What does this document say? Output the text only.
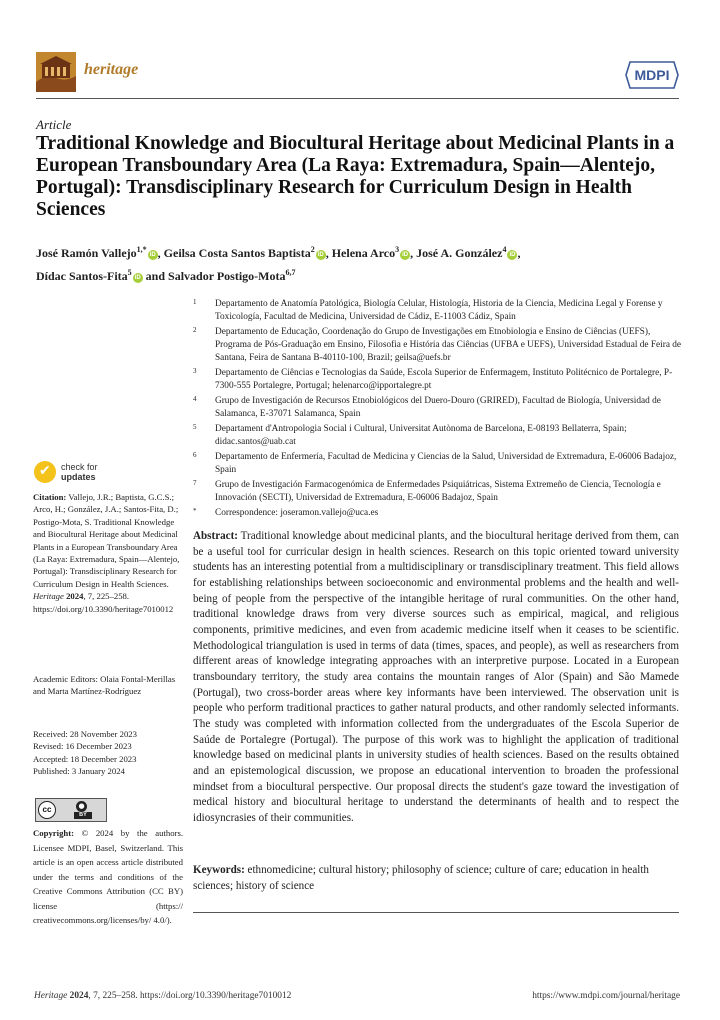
heritage	MDPI
Article
Traditional Knowledge and Biocultural Heritage about Medicinal Plants in a European Transboundary Area (La Raya: Extremadura, Spain—Alentejo, Portugal): Transdisciplinary Research for Curriculum Design in Health Sciences
José Ramón Vallejo$^{1,*}$iD , Geilsa Costa Santos Baptista$^2$iD , Helena Arco$^3$iD , José A. González$^4$iD ,
Dídac Santos-Fita$^5$iD and Salvador Postigo-Mota$^{6,7}$
1 Departamento de Anatomía Patológica, Biología Celular, Histología, Historia de la Ciencia, Medicina Legal y Forense y Toxicología, Facultad de Medicina, Universidad de Cádiz, E-11003 Cádiz, Spain
2 Departamento de Educação, Coordenação do Grupo de Investigações em Etnobiologia e Ensino de Ciências (UEFS), Programa de Pós-Graduação em Ensino, Filosofia e História das Ciências (UFBA e UEFS), Universidad Estadual de Feira de Santana, Feira de Santana B-40110-100, Brazil; geilsa@uefs.br
3 Departamento de Ciências e Tecnologias da Saúde, Escola Superior de Enfermagem, Instituto Politécnico de Portalegre, P-7300-555 Portalegre, Portugal; helenarco@ipportalegre.pt
4 Grupo de Investigación de Recursos Etnobiológicos del Duero-Douro (GRIRED), Facultad de Biología, Universidad de Salamanca, E-37071 Salamanca, Spain
5 Departament d'Antropologia Social i Cultural, Universitat Autònoma de Barcelona, E-08193 Bellaterra, Spain; didac.santos@uab.cat
6 Departamento de Enfermería, Facultad de Medicina y Ciencias de la Salud, Universidad de Extremadura, E-06006 Badajoz, Spain
7 Grupo de Investigación Farmacogenómica de Enfermedades Psiquiátricas, Sistema Extremeño de Ciencia, Tecnología e Innovación (SECTI), Universidad de Extremadura, E-06006 Badajoz, Spain
* Correspondence: joseramon.vallejo@uca.es
✔ check for
updates
Citation: Vallejo, J.R.; Baptista, G.C.S.; Arco, H.; González, J.A.; Santos-Fita, D.; Postigo-Mota, S. Traditional Knowledge and Biocultural Heritage about Medicinal Plants in a European Transboundary Area (La Raya: Extremadura, Spain—Alentejo, Portugal): Transdisciplinary Research for Curriculum Design in Health Sciences. Heritage 2024, 7, 225–258. https://doi.org/10.3390/heritage7010012
Academic Editors: Olaia Fontal-Merillas and Marta Martínez-Rodríguez
Received: 28 November 2023
Revised: 16 December 2023
Accepted: 18 December 2023
Published: 3 January 2024
cc	●
BY
Copyright: © 2024 by the authors. Licensee MDPI, Basel, Switzerland. This article is an open access article distributed under the terms and conditions of the Creative Commons Attribution (CC BY) license (https:// creativecommons.org/licenses/by/ 4.0/).
Abstract: Traditional knowledge about medicinal plants, and the biocultural heritage derived from them, can be a useful tool for curricular design in health sciences. Research on this topic oriented toward university students has an interesting potential from a multidisciplinary or transdisciplinary treatment. This field allows for establishing relationships between socioeconomic and environmental problems and the health and well-being of people from the perspective of the intangible heritage of rural communities. On the other hand, traditional knowledge draws from very diverse sources such as empirical, magical, and religious components, primitive medicines, and even from academic medicine itself when it ceases to be scientific. Methodological triangulation is used in terms of data (times, spaces, and people), as well as researchers from different areas of knowledge integrating approaches with an interpretive purpose. Located in a European transboundary territory, the study area contains the mountain ranges of Alor (Spain) and São Mamede (Portugal), two cross-border areas where key informants have been interviewed. The observation unit is people who perform traditional practices to gather natural products, and other randomly selected informants. The study was completed with information collected from the undergraduates of the Escola Superior de Saúde de Portalegre (Portugal). The purpose of this work was to highlight the application of traditional knowledge based on medicinal plants in university studies of health sciences. Based on the results obtained and an epistemological discussion, we propose an educational intervention to broaden the professional mindset from a biocultural perspective. Our proposal directs the student's gaze toward the investigation of medical history and biocultural heritage to understand the determinants of health and to respect the idiosyncrasies of their communities.
Keywords: ethnomedicine; cultural history; philosophy of science; culture of care; education in health sciences; history of science
Heritage 2024, 7, 225–258. https://doi.org/10.3390/heritage7010012	https://www.mdpi.com/journal/heritage
